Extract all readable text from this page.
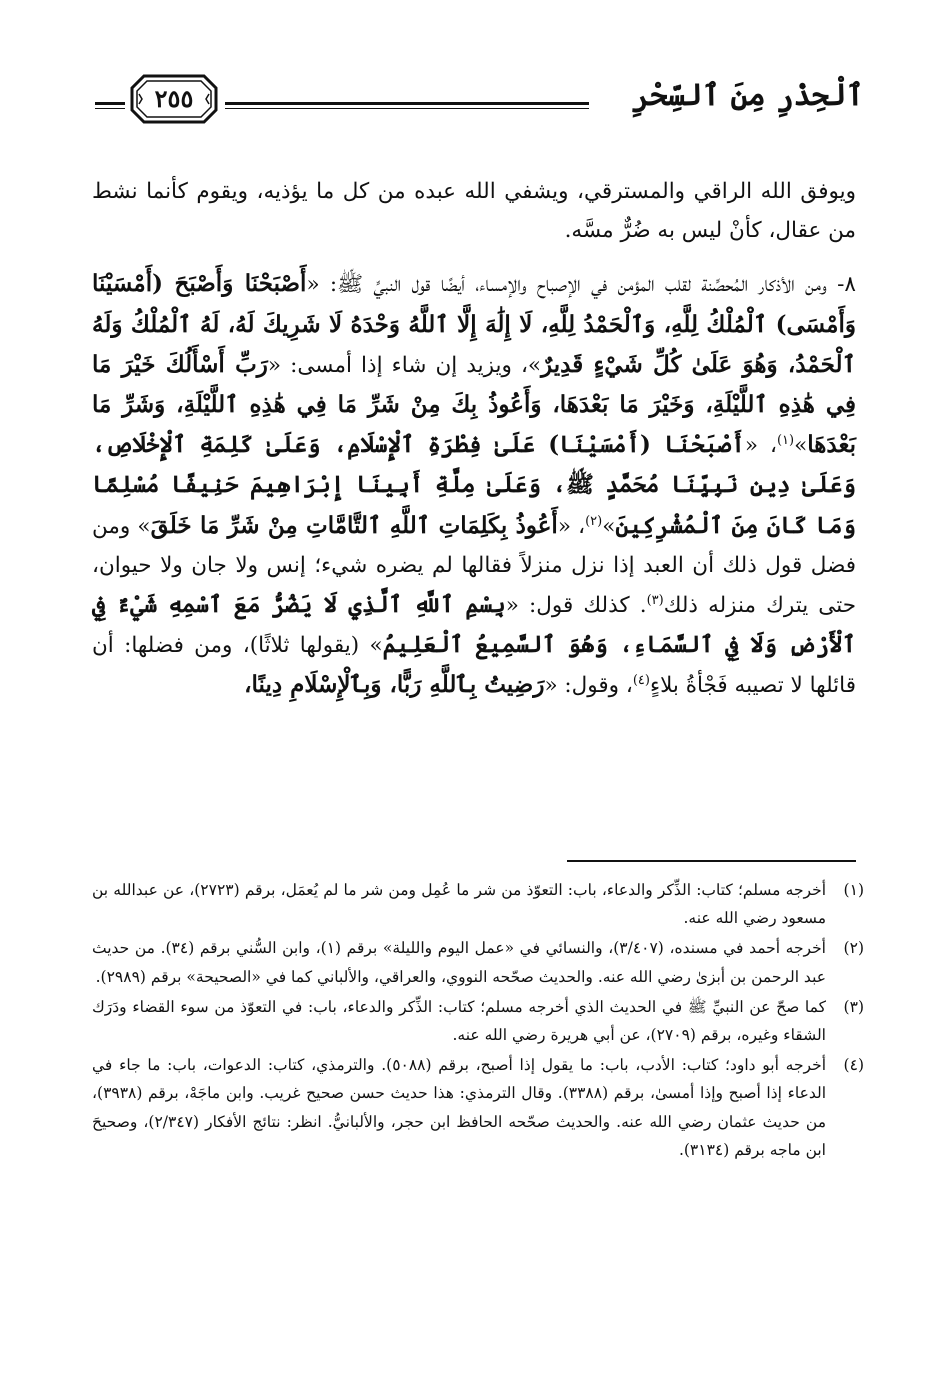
ٱلْحِذْرِ مِنَ ٱلسِّحْرِ
٢٥٥

ويوفق الله الراقي والمسترقي، ويشفي الله عبده من كل ما يؤذيه، ويقوم كأنما نشط من عقال، كأنْ ليس به ضُرٌّ مسَّه.

٨- ومن الأذكار المُحصِّنة لقلب المؤمن في الإصباح والإمساء، أيضًا قول النبيِّ ﷺ: «أَصْبَحْنَا وَأَصْبَحَ (أَمْسَيْنَا وَأَمْسَى) ٱلْمُلْكُ لِلَّهِ، وَٱلْحَمْدُ لِلَّهِ، لَا إِلَٰهَ إِلَّا ٱللَّهُ وَحْدَهُ لَا شَرِيكَ لَهُ، لَهُ ٱلْمُلْكُ وَلَهُ ٱلْحَمْدُ، وَهُوَ عَلَىٰ كُلِّ شَيْءٍ قَدِيرٌ»، ويزيد إن شاء إذا أمسى: «رَبِّ أَسْأَلُكَ خَيْرَ مَا فِي هَٰذِهِ ٱللَّيْلَةِ، وَخَيْرَ مَا بَعْدَهَا، وَأَعُوذُ بِكَ مِنْ شَرِّ مَا فِي هَٰذِهِ ٱللَّيْلَةِ، وَشَرِّ مَا بَعْدَهَا»$^{(١)}$، «أَصْبَحْنَا (أَمْسَيْنَا) عَلَىٰ فِطْرَةِ ٱلْإِسْلَامِ، وَعَلَىٰ كَلِمَةِ ٱلْإِخْلَاصِ، وَعَلَىٰ دِينِ نَبِيِّنَا مُحَمَّدٍ ﷺ، وَعَلَىٰ مِلَّةِ أَبِينَا إِبْرَاهِيمَ حَنِيفًا مُسْلِمًا وَمَا كَانَ مِنَ ٱلْمُشْرِكِينَ»$^{(٢)}$، «أَعُوذُ بِكَلِمَاتِ ٱللَّهِ ٱلتَّامَّاتِ مِنْ شَرِّ مَا خَلَقَ» ومن فضل قول ذلك أن العبد إذا نزل منزلاً فقالها لم يضره شيء؛ إنس ولا جان ولا حيوان، حتى يترك منزله ذلك$^{(٣)}$. كذلك قول: «بِسْمِ ٱللَّهِ ٱلَّذِي لَا يَضُرُّ مَعَ ٱسْمِهِ شَيْءٌ فِي ٱلْأَرْضِ وَلَا فِي ٱلسَّمَاءِ، وَهُوَ ٱلسَّمِيعُ ٱلْعَلِيمُ» (يقولها ثلاثًا)، ومن فضلها: أن قائلها لا تصيبه فَجْأةُ بلاءٍ$^{(٤)}$، وقول: «رَضِيتُ بِٱللَّهِ رَبًّا، وَبِٱلْإِسْلَامِ دِينًا،

(١)
أخرجه مسلم؛ كتاب: الذِّكر والدعاء، باب: التعوّذ من شر ما عُمِل ومن شر ما لم يُعمَل، برقم (٢٧٢٣)، عن عبدالله بن مسعود رضي الله عنه.

(٢)
أخرجه أحمد في مسنده، (٣/٤٠٧)، والنسائي في «عمل اليوم والليلة» برقم (١)، وابن السُّني برقم (٣٤). من حديث عبد الرحمن بن أبزىٰ رضي الله عنه. والحديث صحّحه النووي، والعراقي، والألباني كما في «الصحيحة» برقم (٢٩٨٩).

(٣)
كما صحّ عن النبيِّ ﷺ في الحديث الذي أخرجه مسلم؛ كتاب: الذِّكر والدعاء، باب: في التعوّذ من سوء القضاء ودَرَك الشقاء وغيره، برقم (٢٧٠٩)، عن أبي هريرة رضي الله عنه.

(٤)
أخرجه أبو داود؛ كتاب: الأدب، باب: ما يقول إذا أصبح، برقم (٥٠٨٨). والترمذي، كتاب: الدعوات، باب: ما جاء في الدعاء إذا أصبح وإذا أمسىٰ، برقم (٣٣٨٨). وقال الترمذي: هذا حديث حسن صحيح غريب. وابن ماجَهْ، برقم (٣٩٣٨)، من حديث عثمان رضي الله عنه. والحديث صحّحه الحافظ ابن حجر، والألبانيُّ. انظر: نتائج الأفكار (٢/٣٤٧)، وصحيحَ ابن ماجه برقم (٣١٣٤).
